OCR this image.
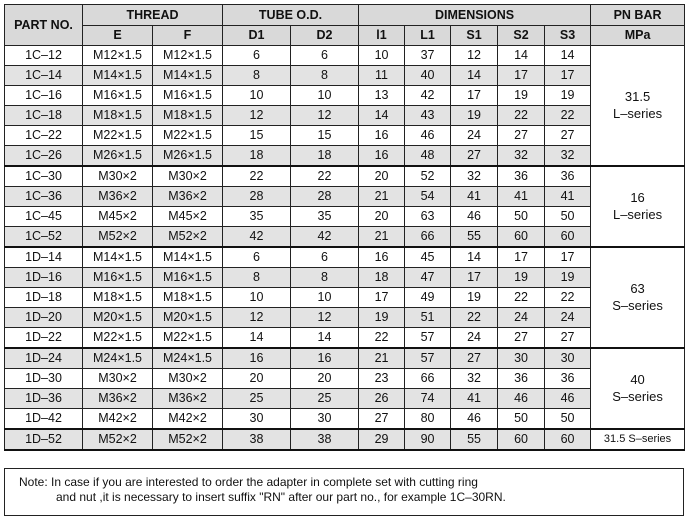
PART NO.	THREAD		TUBE O.D.		DIMENSIONS					PN BAR
	E	F	D1	D2	l1	L1	S1	S2	S3	MPa
1C–12	M12×1.5	M12×1.5	6	6	10	37	12	14	14	31.5
L–series
1C–14	M14×1.5	M14×1.5	8	8	11	40	14	17	17	
1C–16	M16×1.5	M16×1.5	10	10	13	42	17	19	19	
1C–18	M18×1.5	M18×1.5	12	12	14	43	19	22	22	
1C–22	M22×1.5	M22×1.5	15	15	16	46	24	27	27	
1C–26	M26×1.5	M26×1.5	18	18	16	48	27	32	32	
1C–30	M30×2	M30×2	22	22	20	52	32	36	36	16
L–series
1C–36	M36×2	M36×2	28	28	21	54	41	41	41	
1C–45	M45×2	M45×2	35	35	20	63	46	50	50	
1C–52	M52×2	M52×2	42	42	21	66	55	60	60	
1D–14	M14×1.5	M14×1.5	6	6	16	45	14	17	17	63
S–series
1D–16	M16×1.5	M16×1.5	8	8	18	47	17	19	19	
1D–18	M18×1.5	M18×1.5	10	10	17	49	19	22	22	
1D–20	M20×1.5	M20×1.5	12	12	19	51	22	24	24	
1D–22	M22×1.5	M22×1.5	14	14	22	57	24	27	27	
1D–24	M24×1.5	M24×1.5	16	16	21	57	27	30	30	40
S–series
1D–30	M30×2	M30×2	20	20	23	66	32	36	36	
1D–36	M36×2	M36×2	25	25	26	74	41	46	46	
1D–42	M42×2	M42×2	30	30	27	80	46	50	50	
1D–52	M52×2	M52×2	38	38	29	90	55	60	60	31.5 S–series
Note: In case if you are interested to order the adapter in complete set with cutting ring
and nut ,it is necessary to insert suffix "RN" after our part no., for example 1C–30RN.
